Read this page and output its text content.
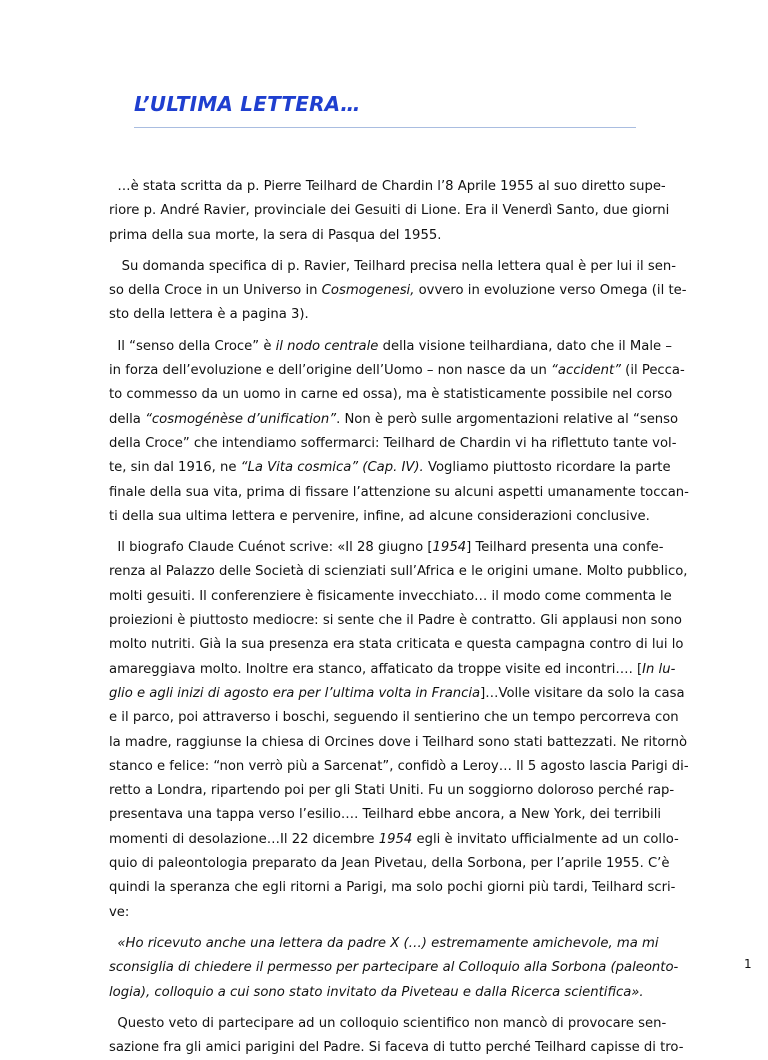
L’ULTIMA LETTERA…

…è stata scritta da p. Pierre Teilhard de Chardin l’8 Aprile 1955 al suo diretto supe-
riore p. André Ravier, provinciale dei Gesuiti di Lione. Era il Venerdì Santo, due giorni
prima della sua morte, la sera di Pasqua del 1955.

Su domanda specifica di p. Ravier, Teilhard precisa nella lettera qual è per lui il sen-
so della Croce in un Universo in Cosmogenesi, ovvero in evoluzione verso Omega (il te-
sto della lettera è a pagina 3).

Il “senso della Croce” è il nodo centrale della visione teilhardiana, dato che il Male –
in forza dell’evoluzione e dell’origine dell’Uomo – non nasce da un “accident” (il Pecca-
to commesso da un uomo in carne ed ossa), ma è statisticamente possibile nel corso
della “cosmogénèse d’unification”. Non è però sulle argomentazioni relative al “senso
della Croce” che intendiamo soffermarci: Teilhard de Chardin vi ha riflettuto tante vol-
te, sin dal 1916, ne “La Vita cosmica” (Cap. IV). Vogliamo piuttosto ricordare la parte
finale della sua vita, prima di fissare l’attenzione su alcuni aspetti umanamente toccan-
ti della sua ultima lettera e pervenire, infine, ad alcune considerazioni conclusive.

Il biografo Claude Cuénot scrive: «Il 28 giugno [1954] Teilhard presenta una confe-
renza al Palazzo delle Società di scienziati sull’Africa e le origini umane. Molto pubblico,
molti gesuiti. Il conferenziere è fisicamente invecchiato… il modo come commenta le
proiezioni è piuttosto mediocre: si sente che il Padre è contratto. Gli applausi non sono
molto nutriti. Già la sua presenza era stata criticata e questa campagna contro di lui lo
amareggiava molto. Inoltre era stanco, affaticato da troppe visite ed incontri…. [In lu-
glio e agli inizi di agosto era per l’ultima volta in Francia]…Volle visitare da solo la casa
e il parco, poi attraverso i boschi, seguendo il sentierino che un tempo percorreva con
la madre, raggiunse la chiesa di Orcines dove i Teilhard sono stati battezzati. Ne ritornò
stanco e felice: “non verrò più a Sarcenat”, confidò a Leroy… Il 5 agosto lascia Parigi di-
retto a Londra, ripartendo poi per gli Stati Uniti. Fu un soggiorno doloroso perché rap-
presentava una tappa verso l’esilio…. Teilhard ebbe ancora, a New York, dei terribili
momenti di desolazione…Il 22 dicembre 1954 egli è invitato ufficialmente ad un collo-
quio di paleontologia preparato da Jean Pivetau, della Sorbona, per l’aprile 1955. C’è
quindi la speranza che egli ritorni a Parigi, ma solo pochi giorni più tardi, Teilhard scri-
ve:

«Ho ricevuto anche una lettera da padre X (…) estremamente amichevole, ma mi
sconsiglia di chiedere il permesso per partecipare al Colloquio alla Sorbona (paleonto-
logia), colloquio a cui sono stato invitato da Piveteau e dalla Ricerca scientifica».

Questo veto di partecipare ad un colloquio scientifico non mancò di provocare sen-
sazione fra gli amici parigini del Padre. Si faceva di tutto perché Teilhard capisse di tro-

1
